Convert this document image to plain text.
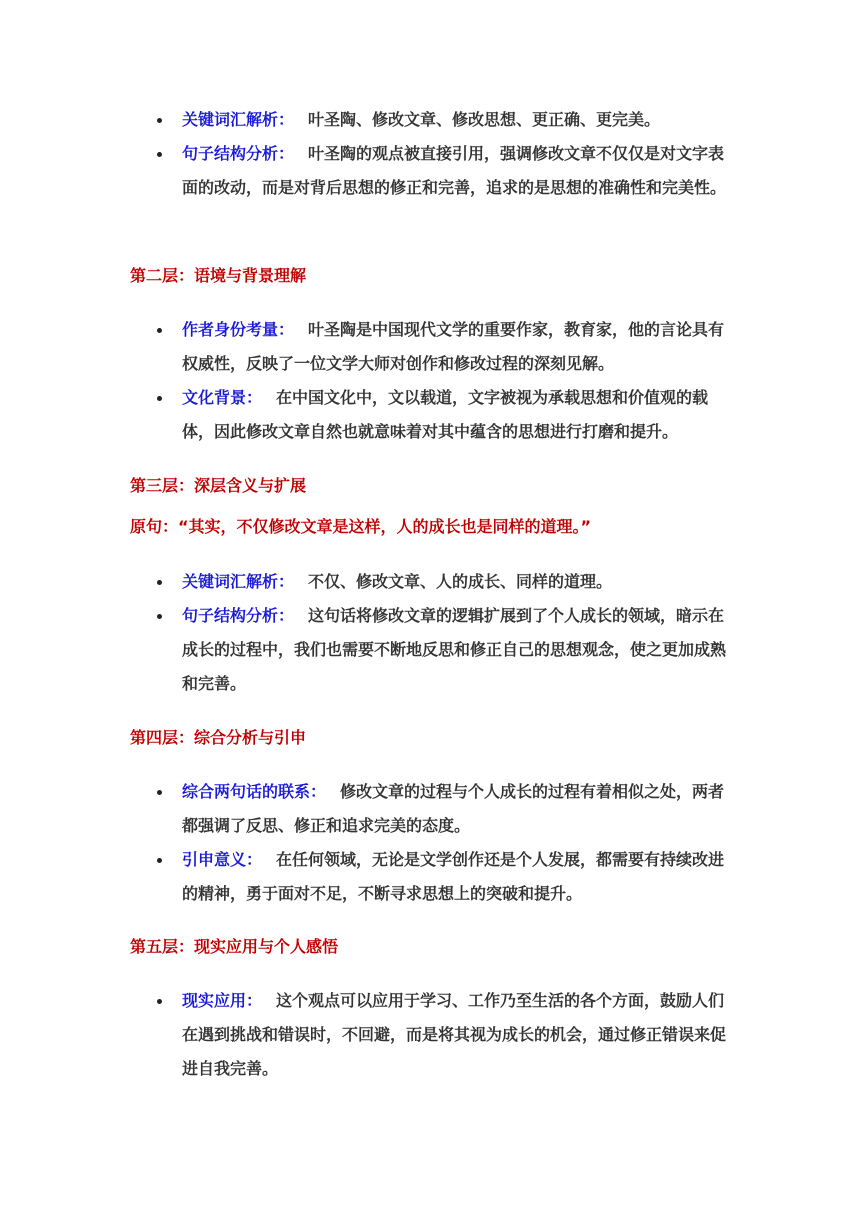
关键词汇解析： 叶圣陶、修改文章、修改思想、更正确、更完美。
句子结构分析： 叶圣陶的观点被直接引用，强调修改文章不仅仅是对文字表面的改动，而是对背后思想的修正和完善，追求的是思想的准确性和完美性。
第二层：语境与背景理解
作者身份考量： 叶圣陶是中国现代文学的重要作家，教育家，他的言论具有权威性，反映了一位文学大师对创作和修改过程的深刻见解。
文化背景： 在中国文化中，文以载道，文字被视为承载思想和价值观的载体，因此修改文章自然也就意味着对其中蕴含的思想进行打磨和提升。
第三层：深层含义与扩展
原句：“其实，不仅修改文章是这样，人的成长也是同样的道理。”
关键词汇解析： 不仅、修改文章、人的成长、同样的道理。
句子结构分析： 这句话将修改文章的逻辑扩展到了个人成长的领域，暗示在成长的过程中，我们也需要不断地反思和修正自己的思想观念，使之更加成熟和完善。
第四层：综合分析与引申
综合两句话的联系： 修改文章的过程与个人成长的过程有着相似之处，两者都强调了反思、修正和追求完美的态度。
引申意义： 在任何领域，无论是文学创作还是个人发展，都需要有持续改进的精神，勇于面对不足，不断寻求思想上的突破和提升。
第五层：现实应用与个人感悟
现实应用： 这个观点可以应用于学习、工作乃至生活的各个方面，鼓励人们在遇到挑战和错误时，不回避，而是将其视为成长的机会，通过修正错误来促进自我完善。
